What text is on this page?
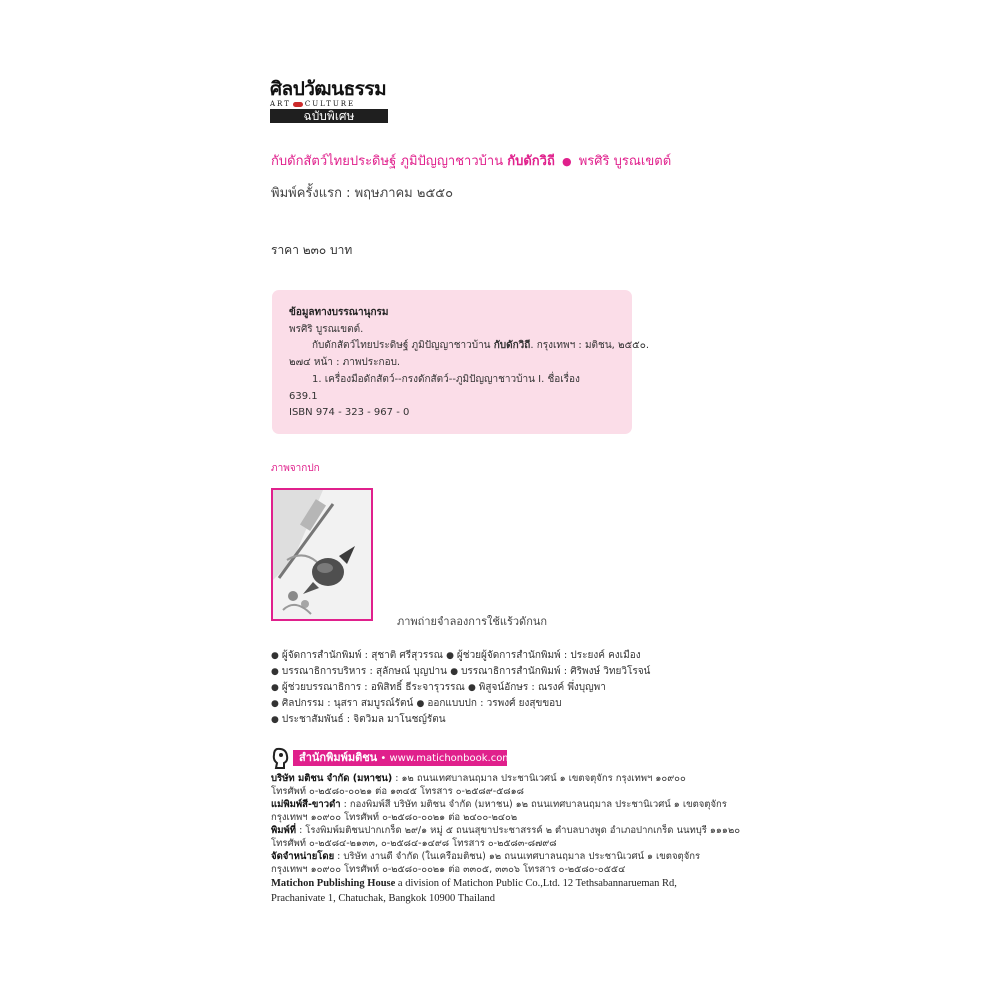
ศิลปวัฒนธรรม
ART CULTURE
ฉบับพิเศษ
กับดักสัตว์ไทยประดิษฐ์ ภูมิปัญญาชาวบ้าน กับดักวิถี ● พรศิริ บูรณเขตต์
พิมพ์ครั้งแรก : พฤษภาคม ๒๕๕๐
ราคา ๒๓๐ บาท
ข้อมูลทางบรรณานุกรม
พรศิริ บูรณเขตต์.
กับดักสัตว์ไทยประดิษฐ์ ภูมิปัญญาชาวบ้าน กับดักวิถี. กรุงเทพฯ : มติชน, ๒๕๕๐.
๒๗๔ หน้า : ภาพประกอบ.
1. เครื่องมือดักสัตว์--กรงดักสัตว์--ภูมิปัญญาชาวบ้าน I. ชื่อเรื่อง
639.1
ISBN 974 - 323 - 967 - 0
ภาพจากปก
ภาพถ่ายจำลองการใช้แร้วดักนก
● ผู้จัดการสำนักพิมพ์ : สุชาติ ศรีสุวรรณ ● ผู้ช่วยผู้จัดการสำนักพิมพ์ : ประยงค์ คงเมือง
● บรรณาธิการบริหาร : สุลักษณ์ บุญปาน ● บรรณาธิการสำนักพิมพ์ : ศิริพงษ์ วิทยวิโรจน์
● ผู้ช่วยบรรณาธิการ : อพิสิทธิ์ ธีระจารุวรรณ ● พิสูจน์อักษร : ณรงค์ พึ่งบุญพา
● ศิลปกรรม : นุสรา สมบูรณ์รัตน์ ● ออกแบบปก : วรพงศ์ ยงสุขขอบ
● ประชาสัมพันธ์ : จิตวิมล มาโนชญ์รัตน
สำนักพิมพ์มติชน • www.matichonbook.com
บริษัท มติชน จำกัด (มหาชน) : ๑๒ ถนนเทศบาลนฤมาล ประชานิเวศน์ ๑ เขตจตุจักร กรุงเทพฯ ๑๐๙๐๐
โทรศัพท์ ๐-๒๕๘๐-๐๐๒๑ ต่อ ๑๓๔๕ โทรสาร ๐-๒๕๘๙-๕๘๑๘
แม่พิมพ์สี-ขาวดำ : กองพิมพ์สี บริษัท มติชน จำกัด (มหาชน) ๑๒ ถนนเทศบาลนฤมาล ประชานิเวศน์ ๑ เขตจตุจักร
กรุงเทพฯ ๑๐๙๐๐ โทรศัพท์ ๐-๒๕๘๐-๐๐๒๑ ต่อ ๒๔๐๐-๒๔๐๒
พิมพ์ที่ : โรงพิมพ์มติชนปากเกร็ด ๒๙/๑ หมู่ ๕ ถนนสุขาประชาสรรค์ ๒ ตำบลบางพูด อำเภอปากเกร็ด นนทบุรี ๑๑๑๒๐
โทรศัพท์ ๐-๒๕๘๔-๒๑๓๓, ๐-๒๕๘๔-๑๔๙๘ โทรสาร ๐-๒๕๘๓-๘๗๙๘
จัดจำหน่ายโดย : บริษัท งานดี จำกัด (ในเครือมติชน) ๑๒ ถนนเทศบาลนฤมาล ประชานิเวศน์ ๑ เขตจตุจักร
กรุงเทพฯ ๑๐๙๐๐ โทรศัพท์ ๐-๒๕๘๐-๐๐๒๑ ต่อ ๓๓๐๕, ๓๓๐๖ โทรสาร ๐-๒๕๘๐-๐๕๕๔
Matichon Publishing House a division of Matichon Public Co.,Ltd. 12 Tethsabannarueman Rd,
Prachanivate 1, Chatuchak, Bangkok 10900 Thailand
